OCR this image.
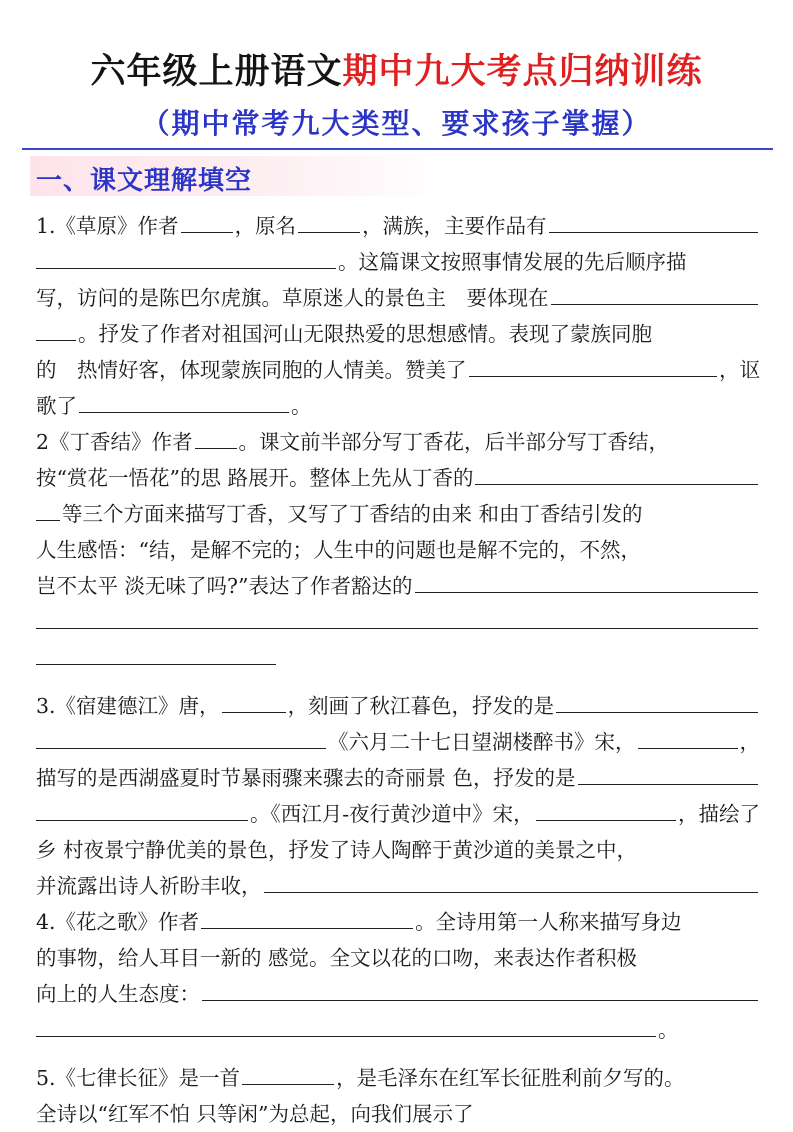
六年级上册语文期中九大考点归纳训练
（期中常考九大类型、要求孩子掌握）
一、课文理解填空
1.《草原》作者	，原名	，满族，主要作品有
。这篇课文按照事情发展的先后顺序描
写，访问的是陈巴尔虎旗。草原迷人的景色主　要体现在
。抒发了作者对祖国河山无限热爱的思想感情。表现了蒙族同胞
的　热情好客，体现蒙族同胞的人情美。赞美了	，讴
歌了	。
2《丁香结》作者 。课文前半部分写丁香花，后半部分写丁香结，
按“赏花一悟花”的思 路展开。整体上先从丁香的
等三个方面来描写丁香，又写了丁香结的由来 和由丁香结引发的
人生感悟：“结，是解不完的；人生中的问题也是解不完的，不然，
岂不太平 淡无味了吗?”表达了作者豁达的
3.《宿建德江》唐，	，刻画了秋江暮色，抒发的是
《六月二十七日望湖楼醉书》宋，	，
描写的是西湖盛夏时节暴雨骤来骤去的奇丽景 色，抒发的是
。《西江月-夜行黄沙道中》宋，	，描绘了
乡 村夜景宁静优美的景色，抒发了诗人陶醉于黄沙道的美景之中，
并流露出诗人祈盼丰收，
4.《花之歌》作者	。全诗用第一人称来描写身边
的事物，给人耳目一新的 感觉。全文以花的口吻，来表达作者积极
向上的人生态度：
。
5.《七律长征》是一首	，是毛泽东在红军长征胜利前夕写的。
全诗以“红军不怕 只等闲”为总起，向我们展示了
